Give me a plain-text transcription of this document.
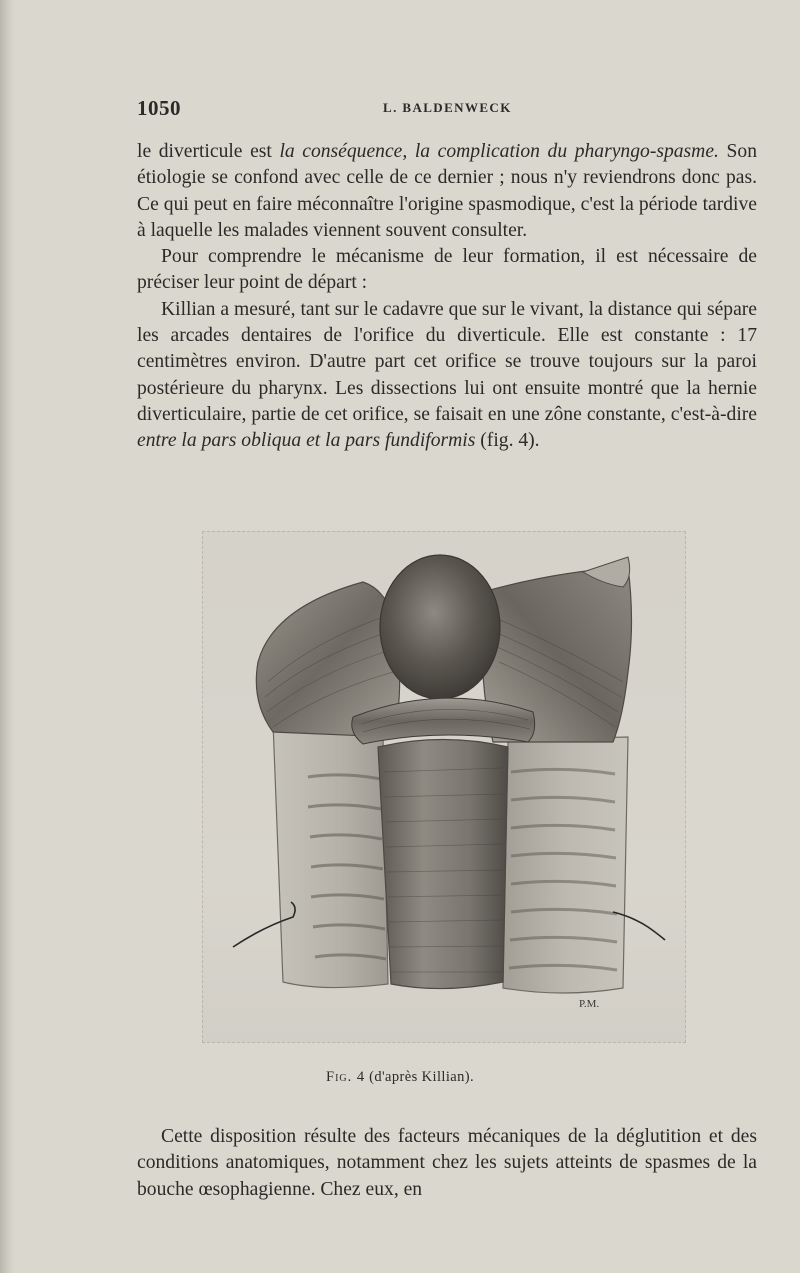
1050	L. BALDENWECK

le diverticule est la conséquence, la complication du pharyngo-spasme. Son étiologie se confond avec celle de ce dernier ; nous n'y reviendrons donc pas. Ce qui peut en faire méconnaître l'origine spasmodique, c'est la période tardive à laquelle les malades viennent souvent consulter.

Pour comprendre le mécanisme de leur formation, il est nécessaire de préciser leur point de départ :

Killian a mesuré, tant sur le cadavre que sur le vivant, la distance qui sépare les arcades dentaires de l'orifice du diverticule. Elle est constante : 17 centimètres environ. D'autre part cet orifice se trouve toujours sur la paroi postérieure du pharynx. Les dissections lui ont ensuite montré que la hernie diverticulaire, partie de cet orifice, se faisait en une zône constante, c'est-à-dire entre la pars obliqua et la pars fundiformis (fig. 4).

P.M.
Fig. 4 (d'après Killian).

Cette disposition résulte des facteurs mécaniques de la déglutition et des conditions anatomiques, notamment chez les sujets atteints de spasmes de la bouche œsophagienne. Chez eux, en
